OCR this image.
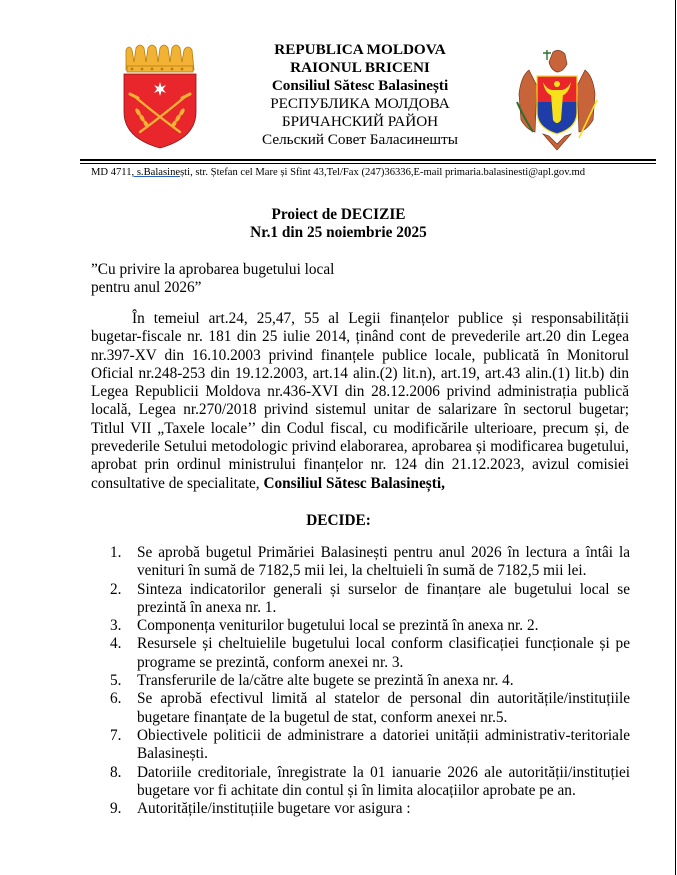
REPUBLICA MOLDOVA
RAIONUL BRICENI
Consiliul Sătesc Balasinești
РЕСПУБЛИКА МОЛДОВА
БРИЧАНСКИЙ РАЙОН
Сельский Совет Баласинешты
MD 4711, s.Balasinești, str. Ștefan cel Mare și Sfint 43,Tel/Fax (247)36336,E-mail primaria.balasinesti@apl.gov.md
Proiect de DECIZIE
Nr.1 din 25 noiembrie 2025
”Cu privire la aprobarea bugetului local
pentru anul 2026”
În temeiul art.24, 25,47, 55 al Legii finanțelor publice și responsabilității bugetar-fiscale nr. 181 din 25 iulie 2014, ținând cont de prevederile art.20 din Legea nr.397-XV din 16.10.2003 privind finanțele publice locale, publicată în Monitorul Oficial nr.248-253 din 19.12.2003, art.14 alin.(2) lit.n), art.19, art.43 alin.(1) lit.b) din Legea Republicii Moldova nr.436-XVI din 28.12.2006 privind administrația publică locală, Legea nr.270/2018 privind sistemul unitar de salarizare în sectorul bugetar; Titlul VII „Taxele locale’’ din Codul fiscal, cu modificările ulterioare, precum și, de prevederile Setului metodologic privind elaborarea, aprobarea și modificarea bugetului, aprobat prin ordinul ministrului finanțelor nr. 124 din 21.12.2023, avizul comisiei consultative de specialitate, Consiliul Sătesc Balasinești,
DECIDE:
1. Se aprobă bugetul Primăriei Balasinești pentru anul 2026 în lectura a întâi la venituri în sumă de 7182,5 mii lei, la cheltuieli în sumă de 7182,5 mii lei.
2. Sinteza indicatorilor generali și surselor de finanțare ale bugetului local se prezintă în anexa nr. 1.
3. Componența veniturilor bugetului local se prezintă în anexa nr. 2.
4. Resursele și cheltuielile bugetului local conform clasificației funcționale și pe programe se prezintă, conform anexei nr. 3.
5. Transferurile de la/către alte bugete se prezintă în anexa nr. 4.
6. Se aprobă efectivul limită al statelor de personal din autoritățile/instituțiile bugetare finanțate de la bugetul de stat, conform anexei nr.5.
7. Obiectivele politicii de administrare a datoriei unității administrativ-teritoriale Balasinești.
8. Datoriile creditoriale, înregistrate la 01 ianuarie 2026 ale autorității/instituției bugetare vor fi achitate din contul și în limita alocațiilor aprobate pe an.
9. Autoritățile/instituțiile bugetare vor asigura :
